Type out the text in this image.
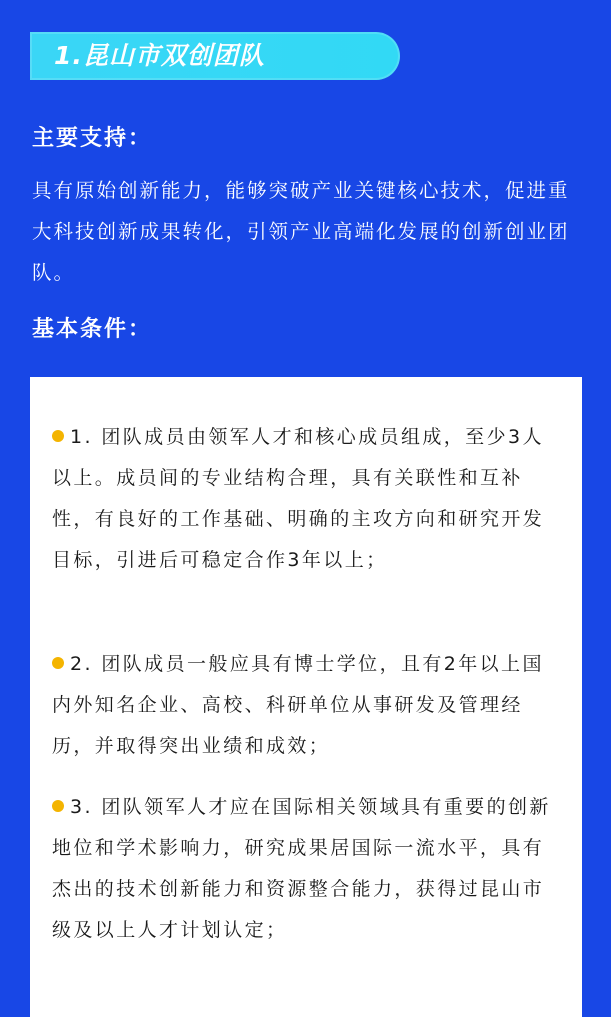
1.昆山市双创团队
主要支持：
具有原始创新能力，能够突破产业关键核心技术，促进重大科技创新成果转化，引领产业高端化发展的创新创业团队。
基本条件：
1. 团队成员由领军人才和核心成员组成，至少3人以上。成员间的专业结构合理，具有关联性和互补性，有良好的工作基础、明确的主攻方向和研究开发目标，引进后可稳定合作3年以上；
2. 团队成员一般应具有博士学位，且有2年以上国内外知名企业、高校、科研单位从事研发及管理经历，并取得突出业绩和成效；
3. 团队领军人才应在国际相关领域具有重要的创新地位和学术影响力，研究成果居国际一流水平，具有杰出的技术创新能力和资源整合能力，获得过昆山市级及以上人才计划认定；
